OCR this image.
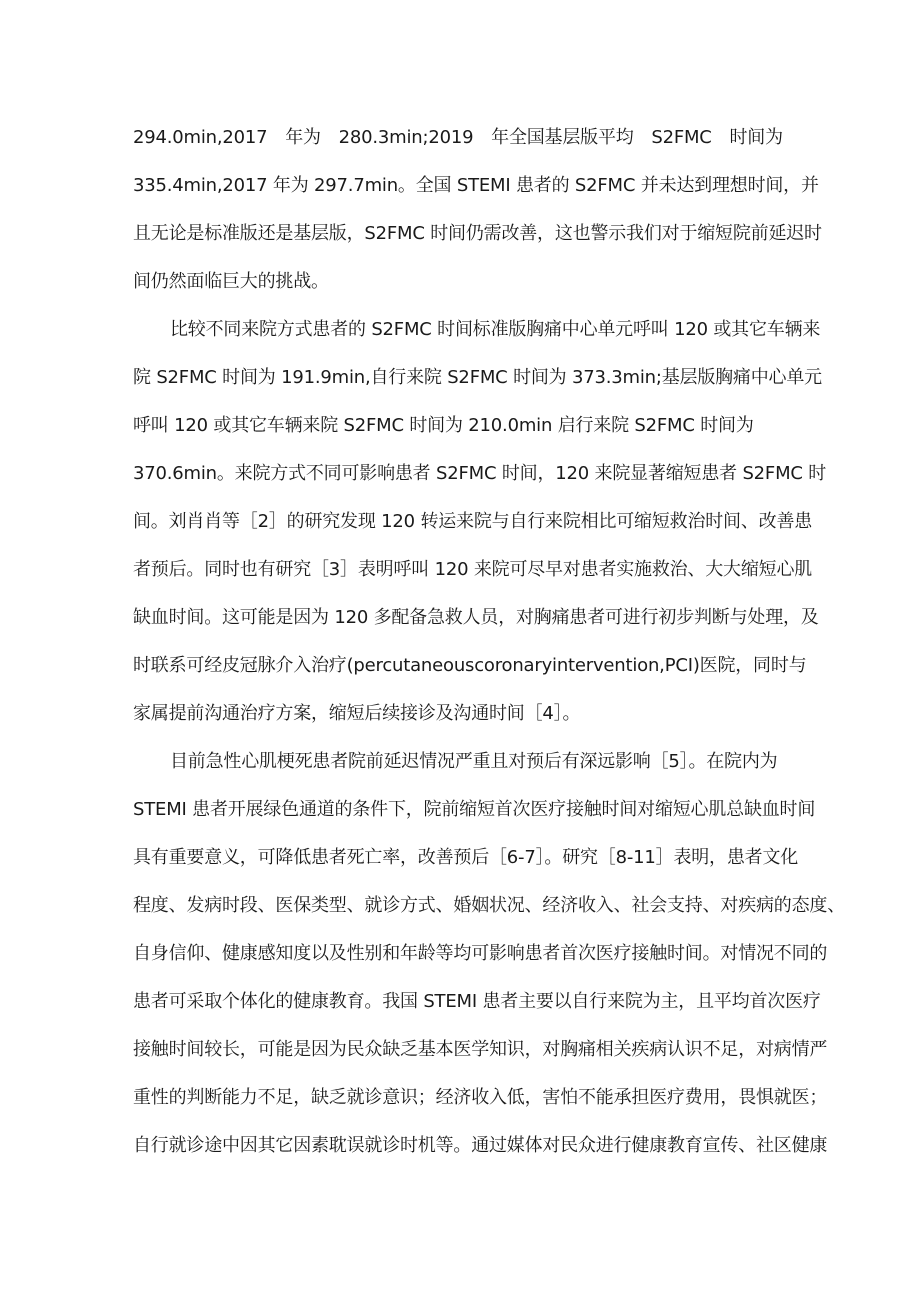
294.0min,2017　年为　280.3min;2019　年全国基层版平均　S2FMC　时间为
335.4min,2017 年为 297.7min。全国 STEMI 患者的 S2FMC 并未达到理想时间，并
且无论是标准版还是基层版，S2FMC 时间仍需改善，这也警示我们对于缩短院前延迟时
间仍然面临巨大的挑战。
比较不同来院方式患者的 S2FMC 时间标准版胸痛中心单元呼叫 120 或其它车辆来
院 S2FMC 时间为 191.9min,自行来院 S2FMC 时间为 373.3min;基层版胸痛中心单元
呼叫 120 或其它车辆来院 S2FMC 时间为 210.0min 启行来院 S2FMC 时间为
370.6min。来院方式不同可影响患者 S2FMC 时间，120 来院显著缩短患者 S2FMC 时
间。刘肖肖等［2］的研究发现 120 转运来院与自行来院相比可缩短救治时间、改善患
者预后。同时也有研究［3］表明呼叫 120 来院可尽早对患者实施救治、大大缩短心肌
缺血时间。这可能是因为 120 多配备急救人员，对胸痛患者可进行初步判断与处理，及
时联系可经皮冠脉介入治疗(percutaneouscoronaryintervention,PCI)医院，同时与
家属提前沟通治疗方案，缩短后续接诊及沟通时间［4］。
目前急性心肌梗死患者院前延迟情况严重且对预后有深远影响［5］。在院内为
STEMI 患者开展绿色通道的条件下，院前缩短首次医疗接触时间对缩短心肌总缺血时间
具有重要意义，可降低患者死亡率，改善预后［6-7］。研究［8-11］表明，患者文化
程度、发病时段、医保类型、就诊方式、婚姻状况、经济收入、社会支持、对疾病的态度、
自身信仰、健康感知度以及性别和年龄等均可影响患者首次医疗接触时间。对情况不同的
患者可采取个体化的健康教育。我国 STEMI 患者主要以自行来院为主，且平均首次医疗
接触时间较长，可能是因为民众缺乏基本医学知识，对胸痛相关疾病认识不足，对病情严
重性的判断能力不足，缺乏就诊意识；经济收入低，害怕不能承担医疗费用，畏惧就医；
自行就诊途中因其它因素耽误就诊时机等。通过媒体对民众进行健康教育宣传、社区健康
